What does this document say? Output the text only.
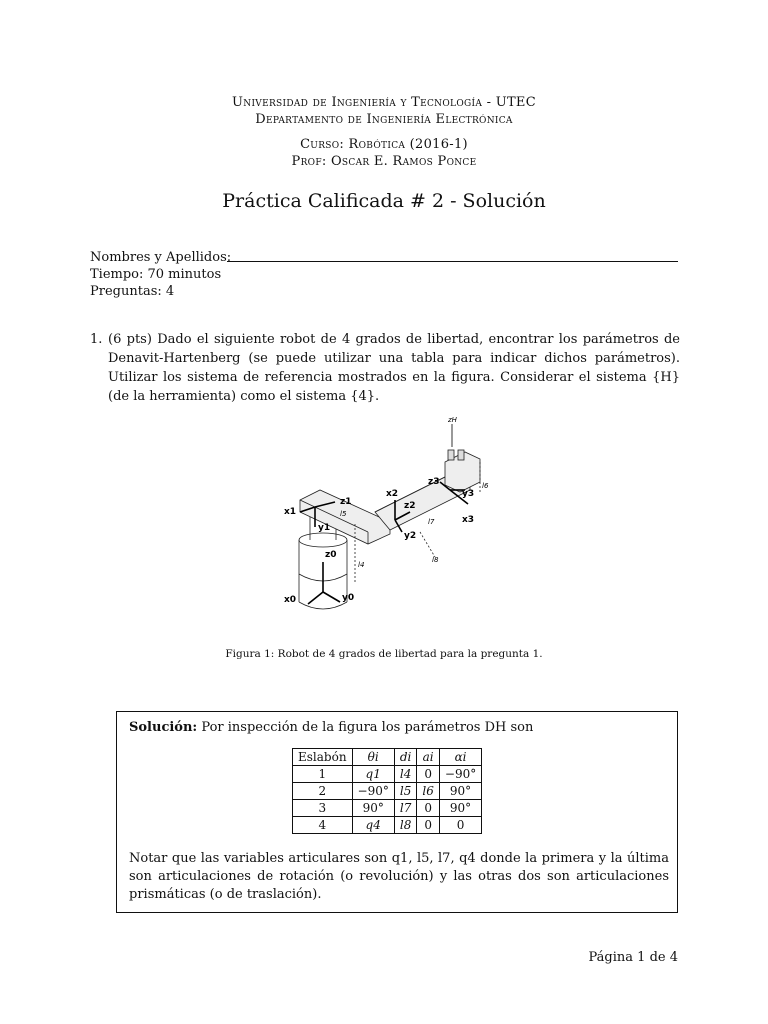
Universidad de Ingeniería y Tecnología - UTEC
Departamento de Ingeniería Electrónica
Curso: Robótica (2016-1)
Prof: Oscar E. Ramos Ponce
Práctica Calificada # 2 - Solución
Nombres y Apellidos:
Tiempo: 70 minutos
Preguntas: 4
1. (6 pts) Dado el siguiente robot de 4 grados de libertad, encontrar los parámetros de Denavit-Hartenberg (se puede utilizar una tabla para indicar dichos parámetros). Utilizar los sistema de referencia mostrados en la figura. Considerar el sistema {H} (de la herramienta) como el sistema {4}.
x0	y0
z0
x1
y1
z1
x2
y2
z2
x3
y3
z3
zH
l4
l5
l6
l7
l8
Figura 1: Robot de 4 grados de libertad para la pregunta 1.
Solución: Por inspección de la figura los parámetros DH son
Eslabón	θi	di	ai	αi
1	q1	l4	0	−90°
2	−90°	l5	l6	90°
3	90°	l7	0	90°
4	q4	l8	0	0
Notar que las variables articulares son q1, l5, l7, q4 donde la primera y la última son articulaciones de rotación (o revolución) y las otras dos son articulaciones prismáticas (o de traslación).
Página 1 de 4
